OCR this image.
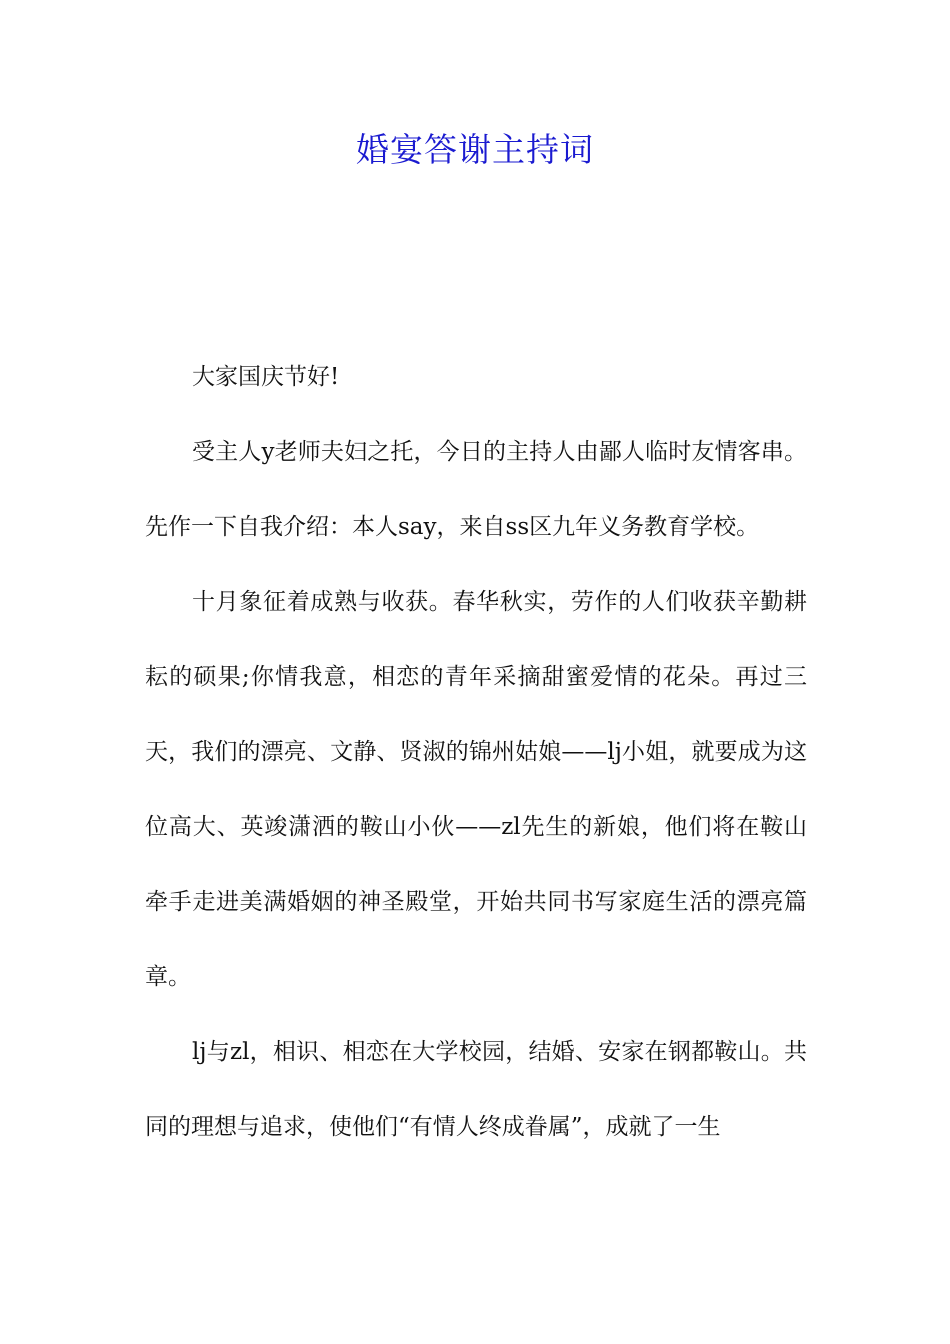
婚宴答谢主持词

大家国庆节好!

受主人y老师夫妇之托，今日的主持人由鄙人临时友情客串。先作一下自我介绍：本人say，来自ss区九年义务教育学校。

十月象征着成熟与收获。春华秋实，劳作的人们收获辛勤耕耘的硕果;你情我意，相恋的青年采摘甜蜜爱情的花朵。再过三天，我们的漂亮、文静、贤淑的锦州姑娘——lj小姐，就要成为这位高大、英竣潇洒的鞍山小伙——zl先生的新娘，他们将在鞍山牵手走进美满婚姻的神圣殿堂，开始共同书写家庭生活的漂亮篇章。

lj与zl，相识、相恋在大学校园，结婚、安家在钢都鞍山。共同的理想与追求，使他们“有情人终成眷属”，成就了一生
